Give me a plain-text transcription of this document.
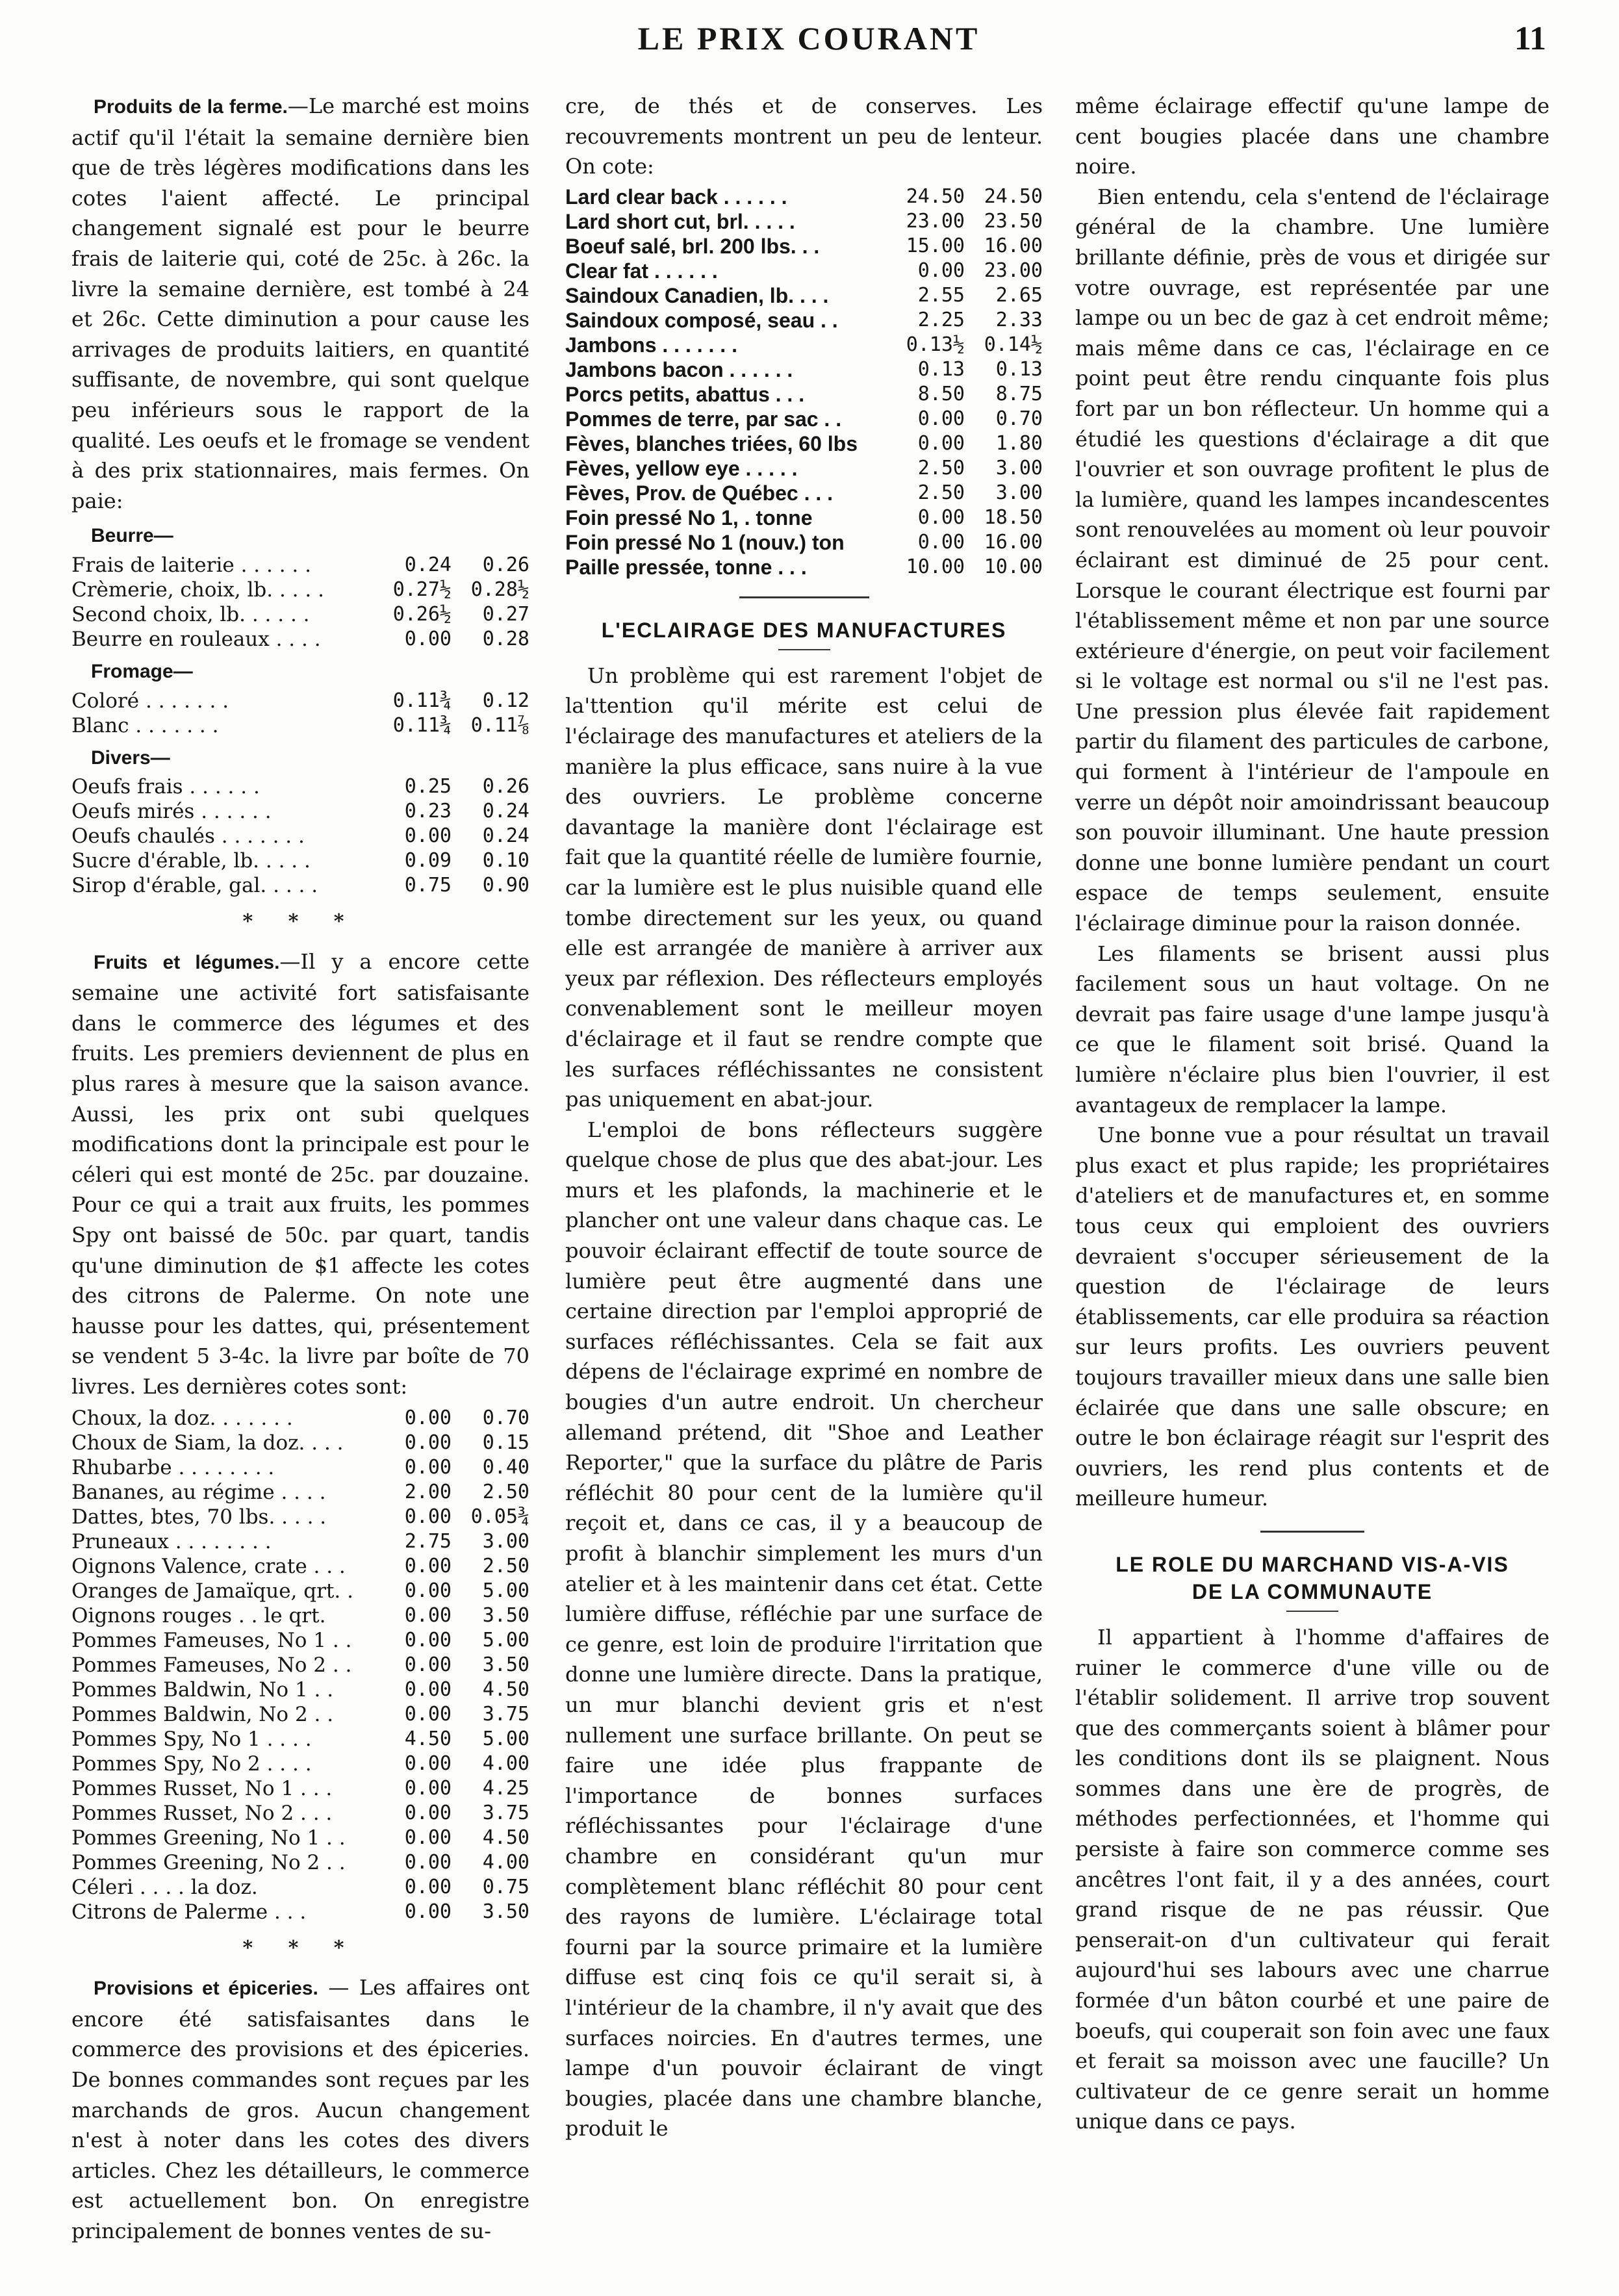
LE PRIX COURANT	11

Produits de la ferme.—Le marché est moins actif qu'il l'était la semaine dernière bien que de très légères modifications dans les cotes l'aient affecté. Le principal changement signalé est pour le beurre frais de laiterie qui, coté de 25c. à 26c. la livre la semaine dernière, est tombé à 24 et 26c. Cette diminution a pour cause les arrivages de produits laitiers, en quantité suffisante, de novembre, qui sont quelque peu inférieurs sous le rapport de la qualité. Les oeufs et le fromage se vendent à des prix stationnaires, mais fermes. On paie:

Beurre—
Frais de laiterie . . . . . .	0.24	0.26
Crèmerie, choix, lb. . . . .	0.27½	0.28½
Second choix, lb. . . . . .	0.26½	0.27
Beurre en rouleaux . . . .	0.00	0.28
Fromage—
Coloré . . . . . . .	0.11¾	0.12
Blanc . . . . . . .	0.11¾	0.11⅞
Divers—
Oeufs frais . . . . . .	0.25	0.26
Oeufs mirés . . . . . .	0.23	0.24
Oeufs chaulés . . . . . . .	0.00	0.24
Sucre d'érable, lb. . . . .	0.09	0.10
Sirop d'érable, gal. . . . .	0.75	0.90
* * *

Fruits et légumes.—Il y a encore cette semaine une activité fort satisfaisante dans le commerce des légumes et des fruits. Les premiers deviennent de plus en plus rares à mesure que la saison avance. Aussi, les prix ont subi quelques modifications dont la principale est pour le céleri qui est monté de 25c. par douzaine. Pour ce qui a trait aux fruits, les pommes Spy ont baissé de 50c. par quart, tandis qu'une diminution de $1 affecte les cotes des citrons de Palerme. On note une hausse pour les dattes, qui, présentement se vendent 5 3-4c. la livre par boîte de 70 livres. Les dernières cotes sont:

Choux, la doz. . . . . . .	0.00	0.70
Choux de Siam, la doz. . . .	0.00	0.15
Rhubarbe . . . . . . . .	0.00	0.40
Bananes, au régime . . . .	2.00	2.50
Dattes, btes, 70 lbs. . . . .	0.00	0.05¾
Pruneaux . . . . . . . .	2.75	3.00
Oignons Valence, crate . . .	0.00	2.50
Oranges de Jamaïque, qrt. .	0.00	5.00
Oignons rouges . . le qrt.	0.00	3.50
Pommes Fameuses, No 1 . .	0.00	5.00
Pommes Fameuses, No 2 . .	0.00	3.50
Pommes Baldwin, No 1 . .	0.00	4.50
Pommes Baldwin, No 2 . .	0.00	3.75
Pommes Spy, No 1 . . . .	4.50	5.00
Pommes Spy, No 2 . . . .	0.00	4.00
Pommes Russet, No 1 . . .	0.00	4.25
Pommes Russet, No 2 . . .	0.00	3.75
Pommes Greening, No 1 . .	0.00	4.50
Pommes Greening, No 2 . .	0.00	4.00
Céleri . . . . la doz.	0.00	0.75
Citrons de Palerme . . .	0.00	3.50
* * *

Provisions et épiceries. — Les affaires ont encore été satisfaisantes dans le commerce des provisions et des épiceries. De bonnes commandes sont reçues par les marchands de gros. Aucun changement n'est à noter dans les cotes des divers articles. Chez les détailleurs, le commerce est actuellement bon. On enregistre principalement de bonnes ventes de su-

cre, de thés et de conserves. Les recouvrements montrent un peu de lenteur. On cote:

Lard clear back . . . . . .	24.50	24.50
Lard short cut, brl. . . . .	23.00	23.50
Boeuf salé, brl. 200 lbs. . .	15.00	16.00
Clear fat . . . . . .	0.00	23.00
Saindoux Canadien, lb. . . .	2.55	2.65
Saindoux composé, seau . .	2.25	2.33
Jambons . . . . . . .	0.13½	0.14½
Jambons bacon . . . . . .	0.13	0.13
Porcs petits, abattus . . .	8.50	8.75
Pommes de terre, par sac . .	0.00	0.70
Fèves, blanches triées, 60 lbs	0.00	1.80
Fèves, yellow eye . . . . .	2.50	3.00
Fèves, Prov. de Québec . . .	2.50	3.00
Foin pressé No 1, . tonne	0.00	18.50
Foin pressé No 1 (nouv.) ton	0.00	16.00
Paille pressée, tonne . . .	10.00	10.00
L'ECLAIRAGE DES MANUFACTURES

Un problème qui est rarement l'objet de la'ttention qu'il mérite est celui de l'éclairage des manufactures et ateliers de la manière la plus efficace, sans nuire à la vue des ouvriers. Le problème concerne davantage la manière dont l'éclairage est fait que la quantité réelle de lumière fournie, car la lumière est le plus nuisible quand elle tombe directement sur les yeux, ou quand elle est arrangée de manière à arriver aux yeux par réflexion. Des réflecteurs employés convenablement sont le meilleur moyen d'éclairage et il faut se rendre compte que les surfaces réfléchissantes ne consistent pas uniquement en abat-jour.

L'emploi de bons réflecteurs suggère quelque chose de plus que des abat-jour. Les murs et les plafonds, la machinerie et le plancher ont une valeur dans chaque cas. Le pouvoir éclairant effectif de toute source de lumière peut être augmenté dans une certaine direction par l'emploi approprié de surfaces réfléchissantes. Cela se fait aux dépens de l'éclairage exprimé en nombre de bougies d'un autre endroit. Un chercheur allemand prétend, dit "Shoe and Leather Reporter," que la surface du plâtre de Paris réfléchit 80 pour cent de la lumière qu'il reçoit et, dans ce cas, il y a beaucoup de profit à blanchir simplement les murs d'un atelier et à les maintenir dans cet état. Cette lumière diffuse, réfléchie par une surface de ce genre, est loin de produire l'irritation que donne une lumière directe. Dans la pratique, un mur blanchi devient gris et n'est nullement une surface brillante. On peut se faire une idée plus frappante de l'importance de bonnes surfaces réfléchissantes pour l'éclairage d'une chambre en considérant qu'un mur complètement blanc réfléchit 80 pour cent des rayons de lumière. L'éclairage total fourni par la source primaire et la lumière diffuse est cinq fois ce qu'il serait si, à l'intérieur de la chambre, il n'y avait que des surfaces noircies. En d'autres termes, une lampe d'un pouvoir éclairant de vingt bougies, placée dans une chambre blanche, produit le

même éclairage effectif qu'une lampe de cent bougies placée dans une chambre noire.

Bien entendu, cela s'entend de l'éclairage général de la chambre. Une lumière brillante définie, près de vous et dirigée sur votre ouvrage, est représentée par une lampe ou un bec de gaz à cet endroit même; mais même dans ce cas, l'éclairage en ce point peut être rendu cinquante fois plus fort par un bon réflecteur. Un homme qui a étudié les questions d'éclairage a dit que l'ouvrier et son ouvrage profitent le plus de la lumière, quand les lampes incandescentes sont renouvelées au moment où leur pouvoir éclairant est diminué de 25 pour cent. Lorsque le courant électrique est fourni par l'établissement même et non par une source extérieure d'énergie, on peut voir facilement si le voltage est normal ou s'il ne l'est pas. Une pression plus élevée fait rapidement partir du filament des particules de carbone, qui forment à l'intérieur de l'ampoule en verre un dépôt noir amoindrissant beaucoup son pouvoir illuminant. Une haute pression donne une bonne lumière pendant un court espace de temps seulement, ensuite l'éclairage diminue pour la raison donnée.

Les filaments se brisent aussi plus facilement sous un haut voltage. On ne devrait pas faire usage d'une lampe jusqu'à ce que le filament soit brisé. Quand la lumière n'éclaire plus bien l'ouvrier, il est avantageux de remplacer la lampe.

Une bonne vue a pour résultat un travail plus exact et plus rapide; les propriétaires d'ateliers et de manufactures et, en somme tous ceux qui emploient des ouvriers devraient s'occuper sérieusement de la question de l'éclairage de leurs établissements, car elle produira sa réaction sur leurs profits. Les ouvriers peuvent toujours travailler mieux dans une salle bien éclairée que dans une salle obscure; en outre le bon éclairage réagit sur l'esprit des ouvriers, les rend plus contents et de meilleure humeur.

LE ROLE DU MARCHAND VIS-A-VIS
DE LA COMMUNAUTE

Il appartient à l'homme d'affaires de ruiner le commerce d'une ville ou de l'établir solidement. Il arrive trop souvent que des commerçants soient à blâmer pour les conditions dont ils se plaignent. Nous sommes dans une ère de progrès, de méthodes perfectionnées, et l'homme qui persiste à faire son commerce comme ses ancêtres l'ont fait, il y a des années, court grand risque de ne pas réussir. Que penserait-on d'un cultivateur qui ferait aujourd'hui ses labours avec une charrue formée d'un bâton courbé et une paire de boeufs, qui couperait son foin avec une faux et ferait sa moisson avec une faucille? Un cultivateur de ce genre serait un homme unique dans ce pays.
